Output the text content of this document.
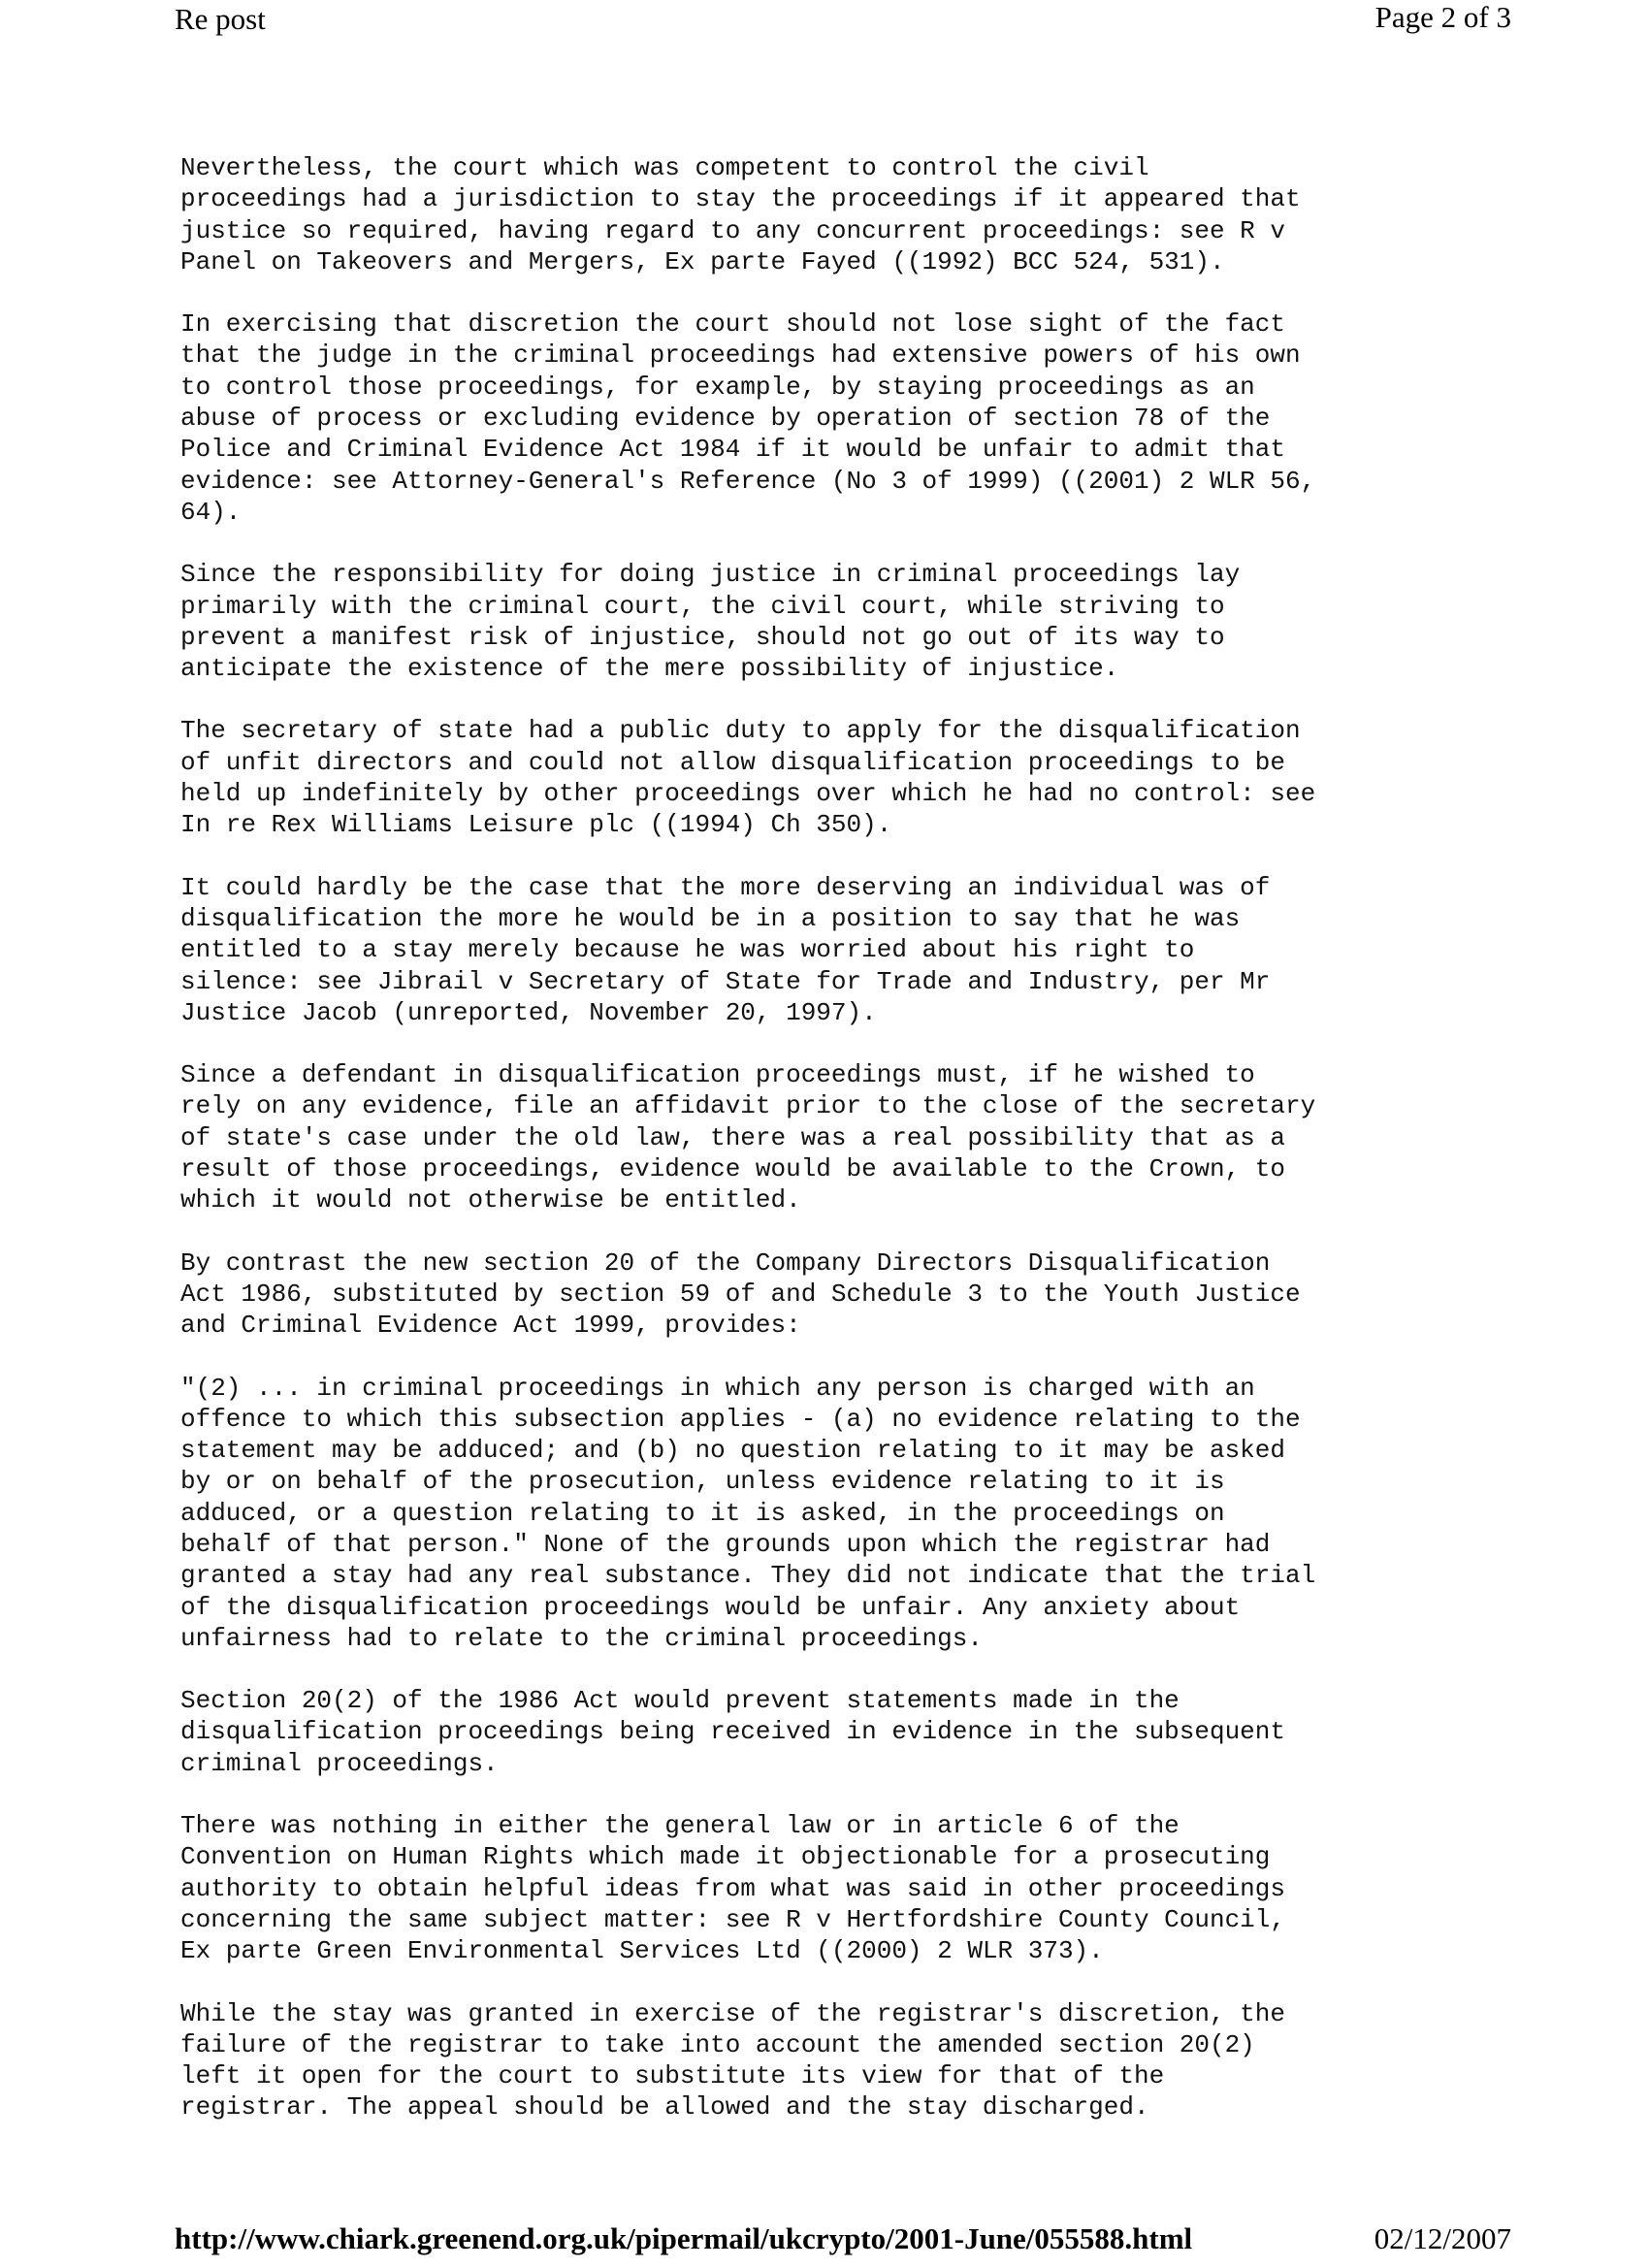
Re post	Page 2 of 3

Nevertheless, the court which was competent to control the civil
proceedings had a jurisdiction to stay the proceedings if it appeared that
justice so required, having regard to any concurrent proceedings: see R v
Panel on Takeovers and Mergers, Ex parte Fayed ((1992) BCC 524, 531).

In exercising that discretion the court should not lose sight of the fact
that the judge in the criminal proceedings had extensive powers of his own
to control those proceedings, for example, by staying proceedings as an
abuse of process or excluding evidence by operation of section 78 of the
Police and Criminal Evidence Act 1984 if it would be unfair to admit that
evidence: see Attorney-General's Reference (No 3 of 1999) ((2001) 2 WLR 56,
64).

Since the responsibility for doing justice in criminal proceedings lay
primarily with the criminal court, the civil court, while striving to
prevent a manifest risk of injustice, should not go out of its way to
anticipate the existence of the mere possibility of injustice.

The secretary of state had a public duty to apply for the disqualification
of unfit directors and could not allow disqualification proceedings to be
held up indefinitely by other proceedings over which he had no control: see
In re Rex Williams Leisure plc ((1994) Ch 350).

It could hardly be the case that the more deserving an individual was of
disqualification the more he would be in a position to say that he was
entitled to a stay merely because he was worried about his right to
silence: see Jibrail v Secretary of State for Trade and Industry, per Mr
Justice Jacob (unreported, November 20, 1997).

Since a defendant in disqualification proceedings must, if he wished to
rely on any evidence, file an affidavit prior to the close of the secretary
of state's case under the old law, there was a real possibility that as a
result of those proceedings, evidence would be available to the Crown, to
which it would not otherwise be entitled.

By contrast the new section 20 of the Company Directors Disqualification
Act 1986, substituted by section 59 of and Schedule 3 to the Youth Justice
and Criminal Evidence Act 1999, provides:

"(2) ... in criminal proceedings in which any person is charged with an
offence to which this subsection applies - (a) no evidence relating to the
statement may be adduced; and (b) no question relating to it may be asked
by or on behalf of the prosecution, unless evidence relating to it is
adduced, or a question relating to it is asked, in the proceedings on
behalf of that person." None of the grounds upon which the registrar had
granted a stay had any real substance. They did not indicate that the trial
of the disqualification proceedings would be unfair. Any anxiety about
unfairness had to relate to the criminal proceedings.

Section 20(2) of the 1986 Act would prevent statements made in the
disqualification proceedings being received in evidence in the subsequent
criminal proceedings.

There was nothing in either the general law or in article 6 of the
Convention on Human Rights which made it objectionable for a prosecuting
authority to obtain helpful ideas from what was said in other proceedings
concerning the same subject matter: see R v Hertfordshire County Council,
Ex parte Green Environmental Services Ltd ((2000) 2 WLR 373).

While the stay was granted in exercise of the registrar's discretion, the
failure of the registrar to take into account the amended section 20(2)
left it open for the court to substitute its view for that of the
registrar. The appeal should be allowed and the stay discharged.

http://www.chiark.greenend.org.uk/pipermail/ukcrypto/2001-June/055588.html	02/12/2007
